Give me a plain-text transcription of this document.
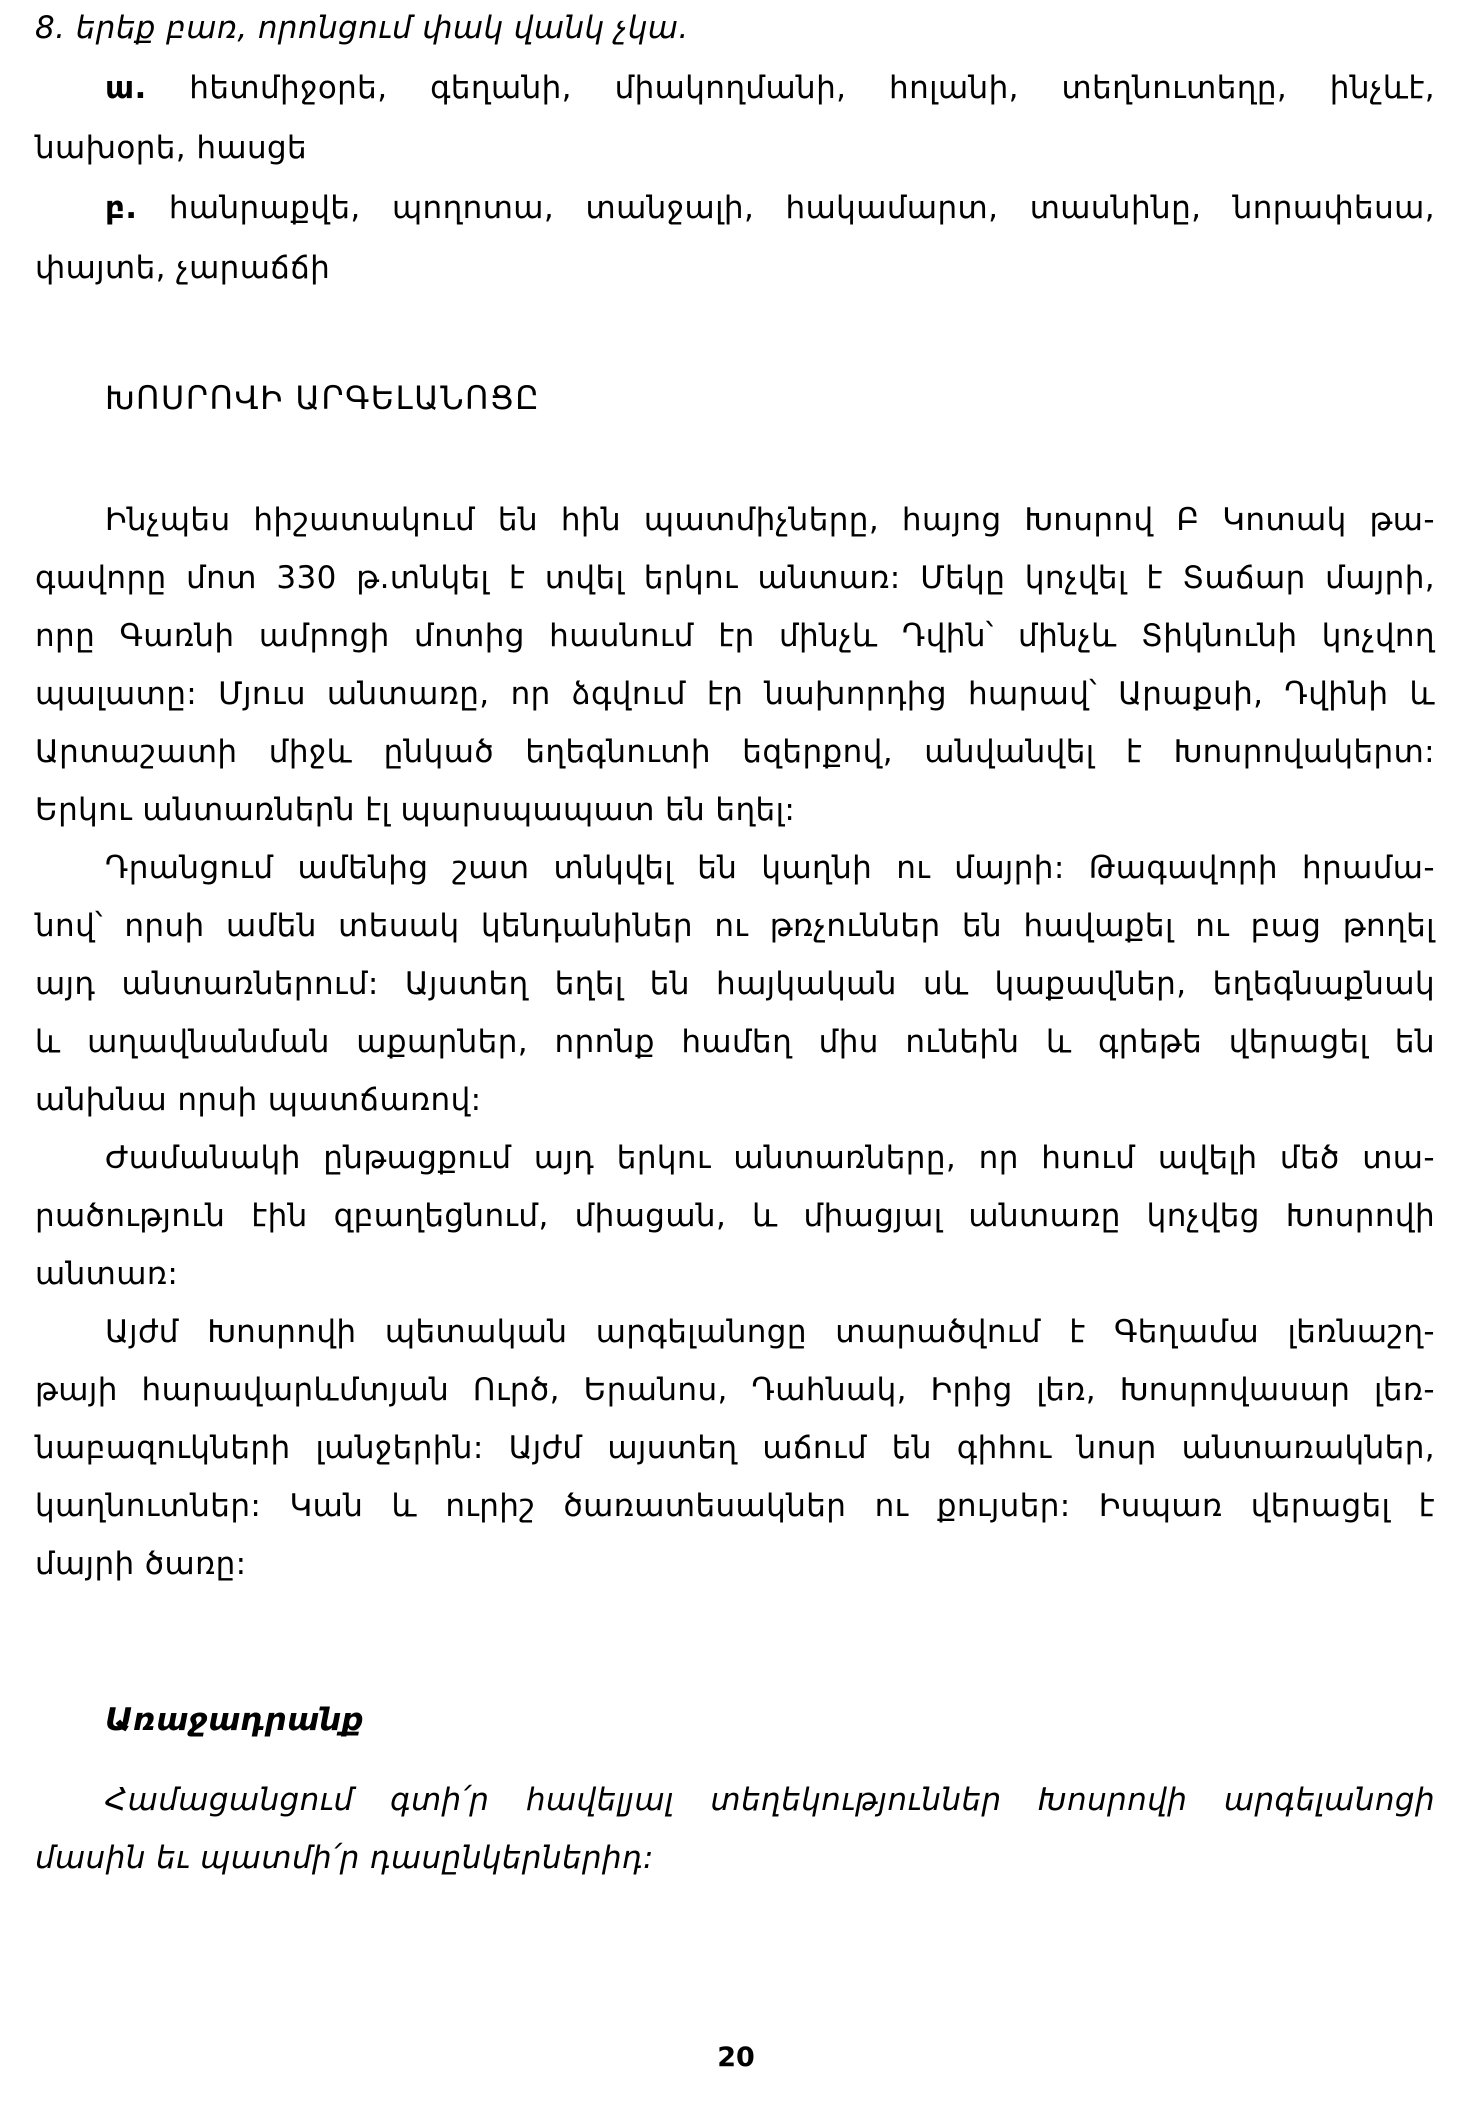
8. երեք բառ, որոնցում փակ վանկ չկա.
ա. հետմիջօրե, գեղանի, միակողմանի, հոլանի, տեղնուտեղը, ինչևէ,
նախօրե, հասցե
բ. հանրաքվե, պողոտա, տանջալի, հակամարտ, տասնինը, նորափեսա,
փայտե, չարաճճի
ԽՈՍՐՈՎԻ ԱՐԳԵԼԱՆՈՑԸ
Ինչպես հիշատակում են հին պատմիչները, հայոց Խոսրով Բ Կոտակ թա-
գավորը մոտ 330 թ.տնկել է տվել երկու անտառ: Մեկը կոչվել է Տաճար մայրի,
որը Գառնի ամրոցի մոտից հասնում էր մինչև Դվին՝ մինչև Տիկնունի կոչվող
պալատը: Մյուս անտառը, որ ձգվում էր նախորդից հարավ՝ Արաքսի, Դվինի և
Արտաշատի միջև ընկած եղեգնուտի եզերքով, անվանվել է Խոսրովակերտ:
Երկու անտառներն էլ պարսպապատ են եղել:
Դրանցում ամենից շատ տնկվել են կաղնի ու մայրի: Թագավորի հրամա-
նով՝ որսի ամեն տեսակ կենդանիներ ու թռչուններ են հավաքել ու բաց թողել
այդ անտառներում: Այստեղ եղել են հայկական սև կաքավներ, եղեգնաքնակ
և աղավնանման աքարներ, որոնք համեղ միս ունեին և գրեթե վերացել են
անխնա որսի պատճառով:
Ժամանակի ընթացքում այդ երկու անտառները, որ հսում ավելի մեծ տա-
րածություն էին զբաղեցնում, միացան, և միացյալ անտառը կոչվեց Խոսրովի
անտառ:
Այժմ Խոսրովի պետական արգելանոցը տարածվում է Գեղամա լեռնաշղ-
թայի հարավարևմտյան Ուրծ, Երանոս, Դահնակ, Իրից լեռ, Խոսրովասար լեռ-
նաբազուկների լանջերին: Այժմ այստեղ աճում են գիհու նոսր անտառակներ,
կաղնուտներ: Կան և ուրիշ ծառատեսակներ ու քույսեր: Իսպառ վերացել է
մայրի ծառը:
Առաջադրանք
Համացանցում գտի՛ր հավելյալ տեղեկություններ Խոսրովի արգելանոցի
մասին եւ պատմի՛ր դասընկերներիդ:
20
